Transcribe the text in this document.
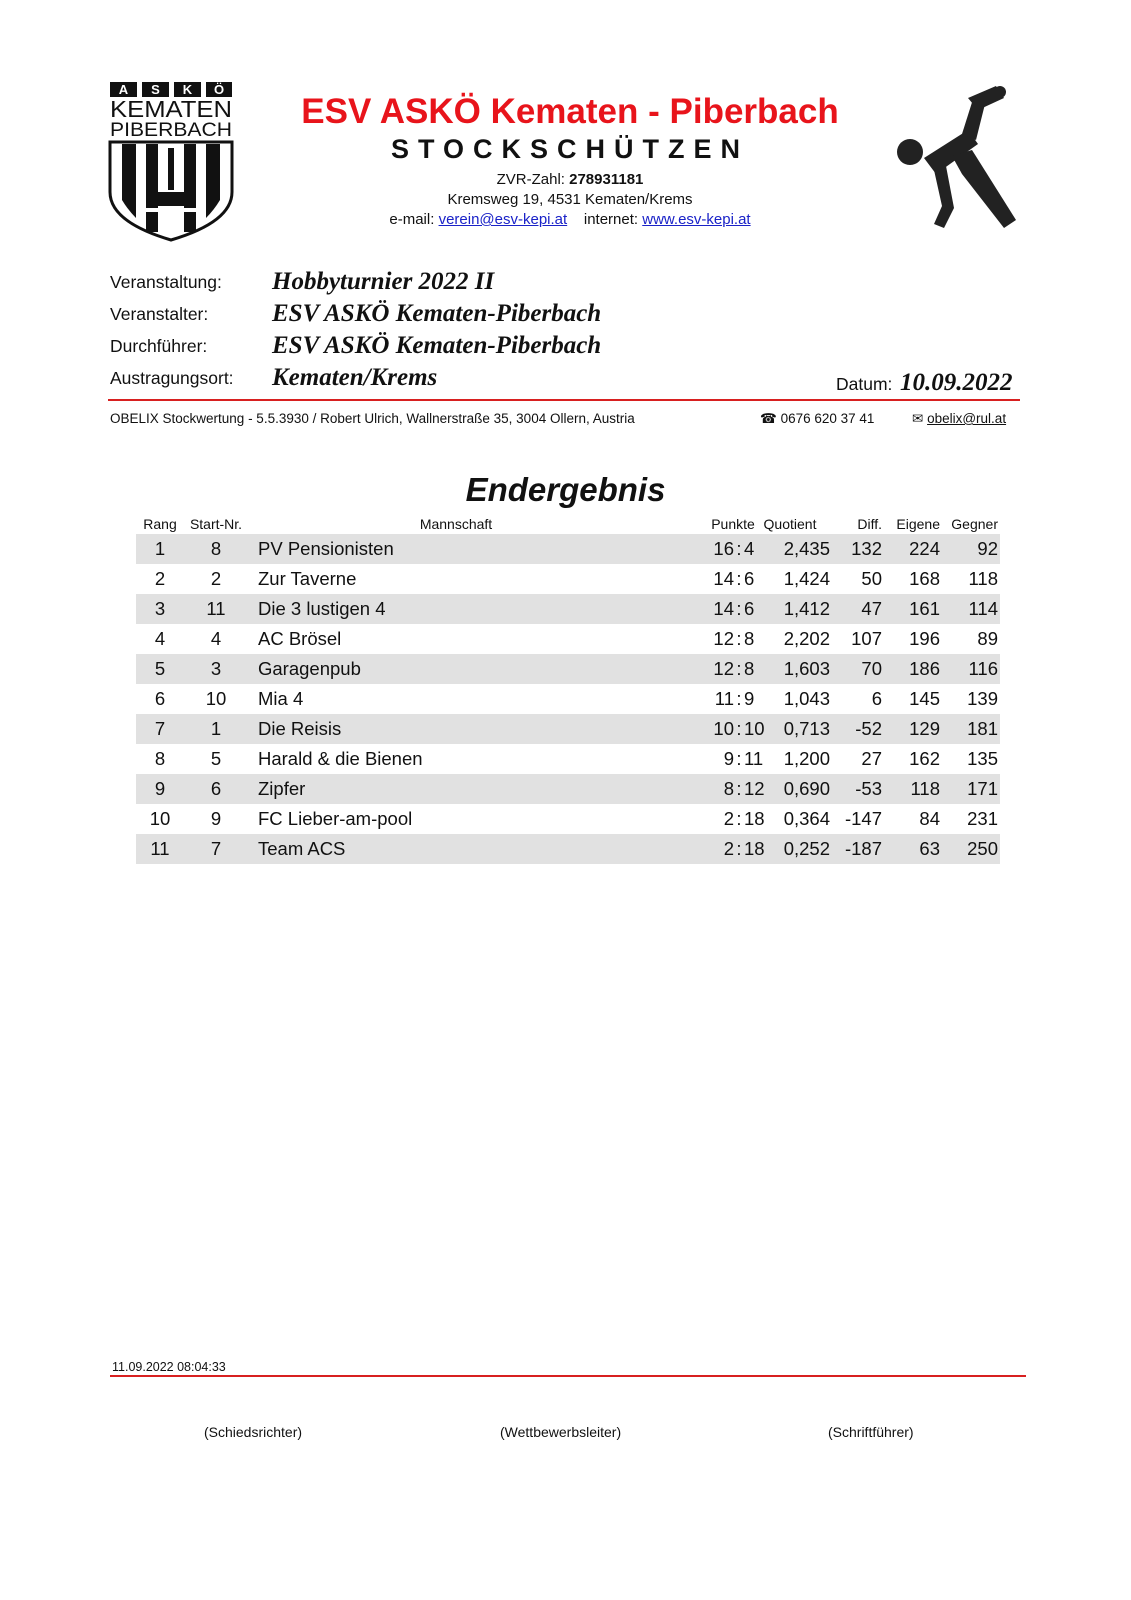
A S K Ö
KEMATEN
PIBERBACH	ESV ASKÖ Kematen - Piberbach
STOCKSCHÜTZEN
ZVR-Zahl: 278931181
Kremsweg 19, 4531 Kematen/Krems
e-mail: verein@esv-kepi.at internet: www.esv-kepi.at
Veranstaltung: Hobbyturnier 2022 II
Veranstalter:	ESV ASKÖ Kematen-Piberbach
Durchführer:	ESV ASKÖ Kematen-Piberbach
Austragungsort: Kematen/Krems	Datum: 10.09.2022
OBELIX Stockwertung - 5.5.3930 / Robert Ulrich, Wallnerstraße 35, 3004 Ollern, Austria	☎ 0676 620 37 41	✉ obelix@rul.at
Endergebnis
Rang Start-Nr.	Mannschaft	Punkte Quotient	Diff.	Eigene Gegner
1	8	PV Pensionisten	16 : 4	2,435	132	224	92
2	2	Zur Taverne	14 : 6	1,424	50	168	118
3	11	Die 3 lustigen 4	14 : 6	1,412	47	161	114
4	4	AC Brösel	12 : 8	2,202	107	196	89
5	3	Garagenpub	12 : 8	1,603	70	186	116
6	10	Mia 4	11 : 9	1,043	6	145	139
7	1	Die Reisis	10 : 10	0,713	-52	129	181
8	5	Harald & die Bienen	9 : 11	1,200	27	162	135
9	6	Zipfer	8 : 12	0,690	-53	118	171
10	9	FC Lieber-am-pool	2 : 18	0,364 -147	84	231
11	7	Team ACS	2 : 18	0,252 -187	63	250
11.09.2022 08:04:33
(Schiedsrichter)	(Wettbewerbsleiter)	(Schriftführer)
